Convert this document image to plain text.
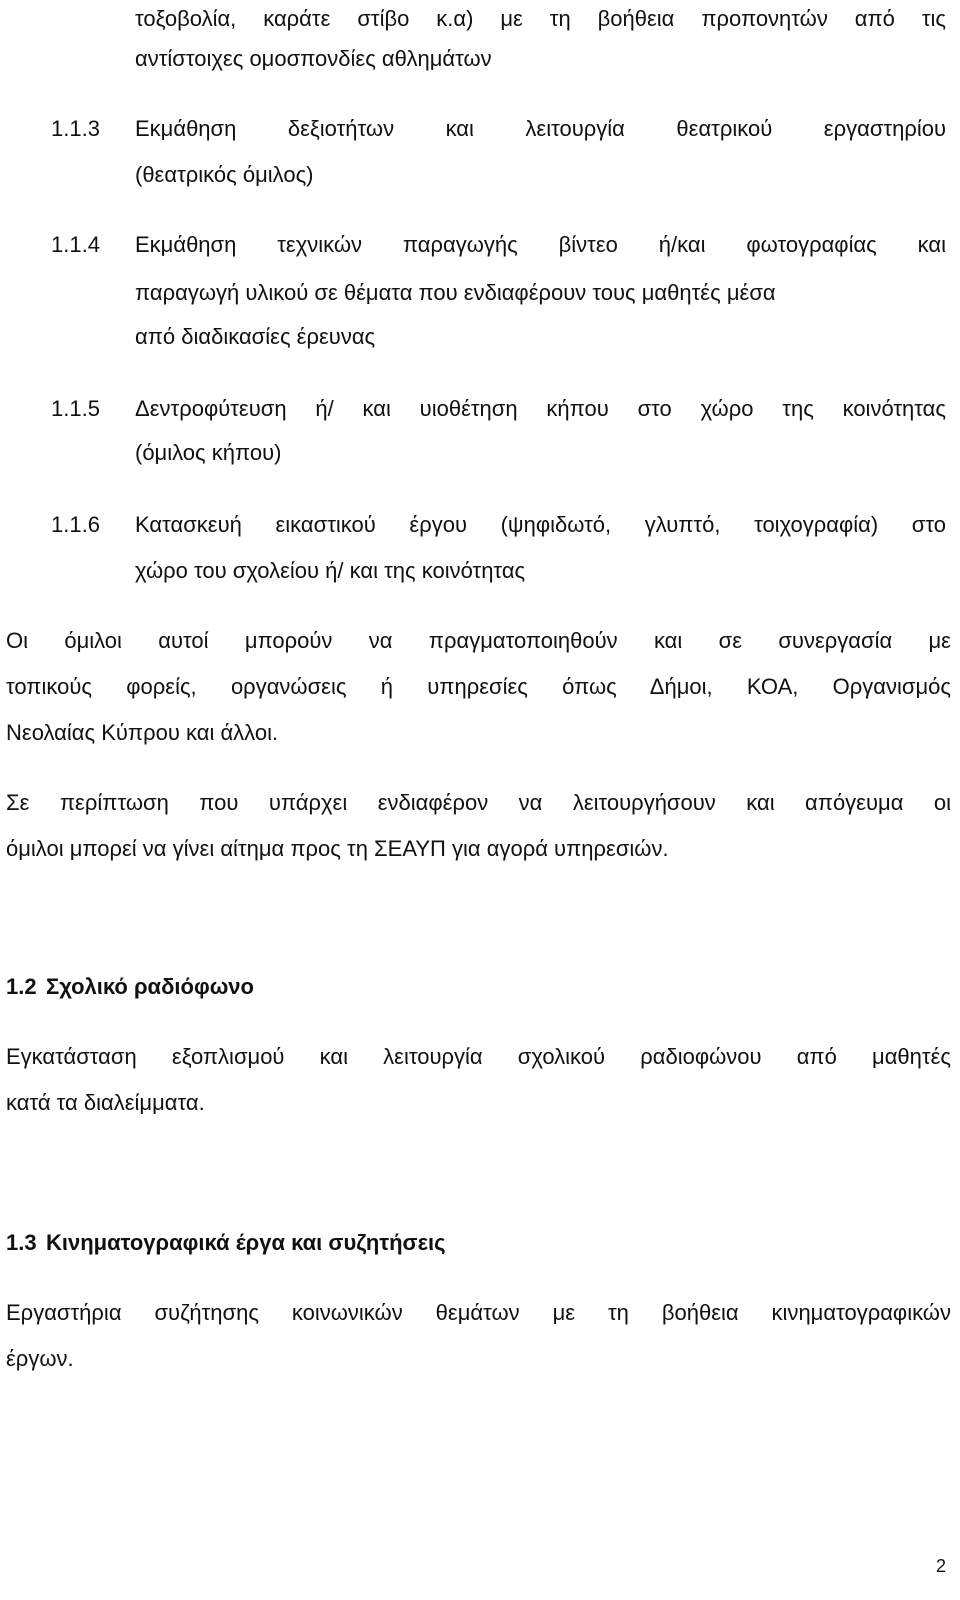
τοξοβολία, καράτε στίβο κ.α) με τη βοήθεια προπονητών από τις
αντίστοιχες ομοσπονδίες αθλημάτων
1.1.3 Εκμάθηση δεξιοτήτων και λειτουργία θεατρικού εργαστηρίου
(θεατρικός όμιλος)
1.1.4 Εκμάθηση τεχνικών παραγωγής βίντεο ή/και φωτογραφίας και
παραγωγή υλικού σε θέματα που ενδιαφέρουν τους μαθητές μέσα
από διαδικασίες έρευνας
1.1.5 Δεντροφύτευση ή/ και υιοθέτηση κήπου στο χώρο της κοινότητας
(όμιλος κήπου)
1.1.6 Κατασκευή εικαστικού έργου (ψηφιδωτό, γλυπτό, τοιχογραφία) στο
χώρο του σχολείου ή/ και της κοινότητας
Οι όμιλοι αυτοί μπορούν να πραγματοποιηθούν και σε συνεργασία με
τοπικούς φορείς, οργανώσεις ή υπηρεσίες όπως Δήμοι, ΚΟΑ, Οργανισμός
Νεολαίας Κύπρου και άλλοι.
Σε περίπτωση που υπάρχει ενδιαφέρον να λειτουργήσουν και απόγευμα οι
όμιλοι μπορεί να γίνει αίτημα προς τη ΣΕΑΥΠ για αγορά υπηρεσιών.
1.2 Σχολικό ραδιόφωνο
Εγκατάσταση εξοπλισμού και λειτουργία σχολικού ραδιοφώνου από μαθητές
κατά τα διαλείμματα.
1.3 Κινηματογραφικά έργα και συζητήσεις
Εργαστήρια συζήτησης κοινωνικών θεμάτων με τη βοήθεια κινηματογραφικών
έργων.
2
